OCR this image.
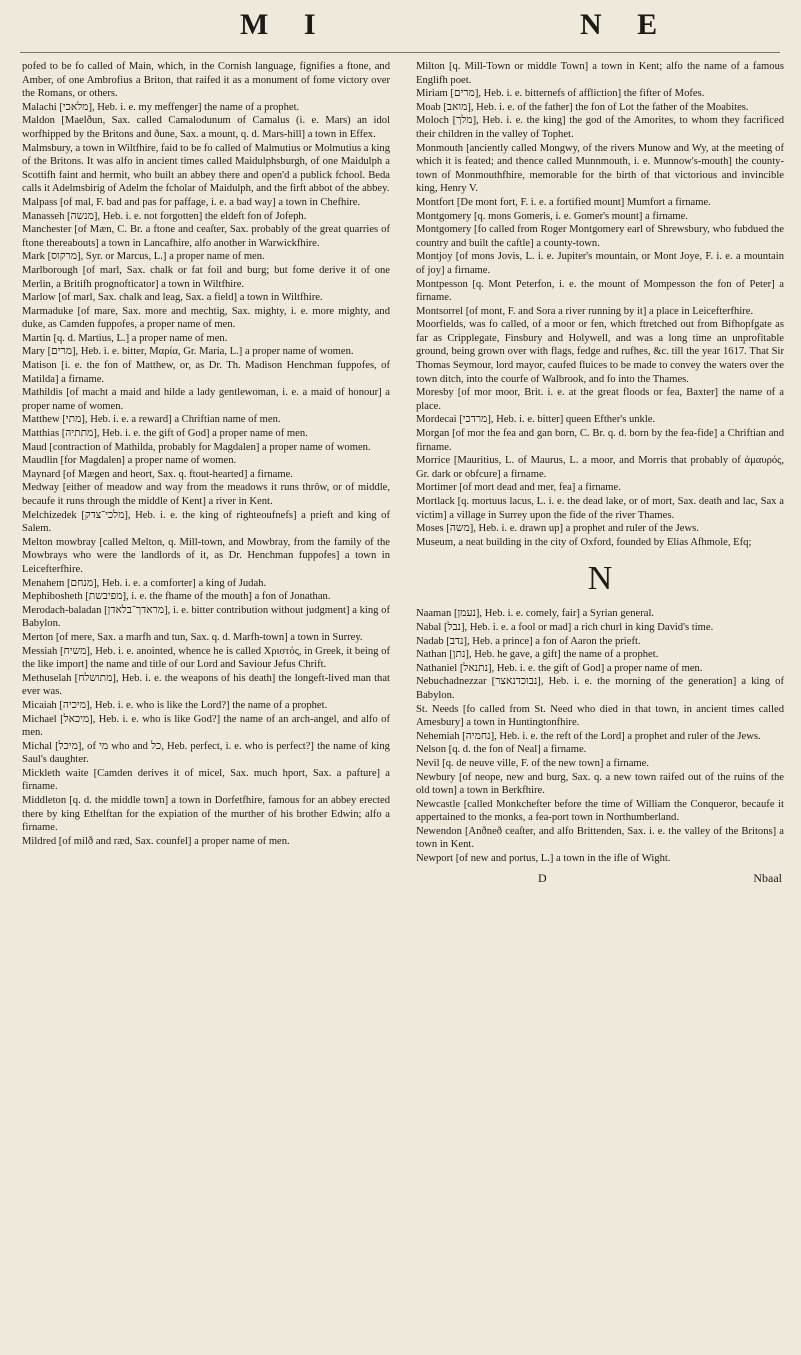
M I	N E

pofed to be fo called of Main, which, in the Cornish language, fignifies a ftone, and Amber, of one Ambrofius a Briton, that raifed it as a monument of fome victory over the Romans, or others.

Malachi [מלאכי], Heb. i. e. my meffenger] the name of a prophet.

Maldon [Maelðun, Sax. called Camalodunum of Camalus (i. e. Mars) an idol worfhipped by the Britons and ðune, Sax. a mount, q. d. Mars-hill] a town in Effex.

Malmsbury, a town in Wiltfhire, faid to be fo called of Malmutius or Molmutius a king of the Britons. It was alfo in ancient times called Maidulphsburgh, of one Maidulph a Scottifh faint and hermit, who built an abbey there and open'd a publick fchool. Beda calls it Adelmsbirig of Adelm the fcholar of Maidulph, and the firft abbot of the abbey.

Malpass [of mal, F. bad and pas for paffage, i. e. a bad way] a town in Chefhire.

Manasseh [מנשה], Heb. i. e. not forgotten] the eldeft fon of Jofeph.

Manchester [of Mæn, C. Br. a ftone and ceaſter, Sax. probably of the great quarries of ftone thereabouts] a town in Lancafhire, alfo another in Warwickfhire.

Mark [מרקוס], Syr. or Marcus, L.] a proper name of men.

Marlborough [of marl, Sax. chalk or fat foil and burg; but fome derive it of one Merlin, a Britifh prognofticator] a town in Wiltfhire.

Marlow [of marl, Sax. chalk and leag, Sax. a field] a town in Wiltfhire.

Marmaduke [of mare, Sax. more and mechtig, Sax. mighty, i. e. more mighty, and duke, as Camden fuppofes, a proper name of men.

Martin [q. d. Martius, L.] a proper name of men.

Mary [מרים], Heb. i. e. bitter, Μαρία, Gr. Maria, L.] a proper name of women.

Matison [i. e. the fon of Matthew, or, as Dr. Th. Madison Henchman fuppofes, of Matilda] a firname.

Mathildis [of macht a maid and hilde a lady gentlewoman, i. e. a maid of honour] a proper name of women.

Matthew [מתי], Heb. i. e. a reward] a Chriftian name of men.

Matthias [מתתיה], Heb. i. e. the gift of God] a proper name of men.

Maud [contraction of Mathilda, probably for Magdalen] a proper name of women.

Maudlin [for Magdalen] a proper name of women.

Maynard [of Mægen and heort, Sax. q. ftout-hearted] a firname.

Medway [either of meadow and way from the meadows it runs thrôw, or of middle, becaufe it runs through the middle of Kent] a river in Kent.

Melchizedek [מלכי־צדק], Heb. i. e. the king of righteoufnefs] a prieft and king of Salem.

Melton mowbray [called Melton, q. Mill-town, and Mowbray, from the family of the Mowbrays who were the landlords of it, as Dr. Henchman fuppofes] a town in Leicefterfhire.

Menahem [מנחם], Heb. i. e. a comforter] a king of Judah.

Mephibosheth [מפיבשת], i. e. the fhame of the mouth] a fon of Jonathan.

Merodach-baladan [מראדך־בלאדן], i. e. bitter contribution without judgment] a king of Babylon.

Merton [of mere, Sax. a marfh and tun, Sax. q. d. Marfh-town] a town in Surrey.

Messiah [משיח], Heb. i. e. anointed, whence he is called Χριστός, in Greek, it being of the like import] the name and title of our Lord and Saviour Jefus Chrift.

Methuselah [מתושלח], Heb. i. e. the weapons of his death] the longeft-lived man that ever was.

Micaiah [מיכיה], Heb. i. e. who is like the Lord?] the name of a prophet.

Michael [מיכאל], Heb. i. e. who is like God?] the name of an arch-angel, and alfo of men.

Michal [מיכל], of מי who and כל, Heb. perfect, i. e. who is perfect?] the name of king Saul's daughter.

Mickleth waite [Camden derives it of micel, Sax. much hport, Sax. a pafture] a firname.

Middleton [q. d. the middle town] a town in Dorfetfhire, famous for an abbey erected there by king Ethelftan for the expiation of the murther of his brother Edwin; alfo a firname.

Mildred [of milð and ræd, Sax. counfel] a proper name of men.

Milton [q. Mill-Town or middle Town] a town in Kent; alfo the name of a famous Englifh poet.

Miriam [מרים], Heb. i. e. bitternefs of affliction] the fifter of Mofes.

Moab [מואב], Heb. i. e. of the father] the fon of Lot the father of the Moabites.

Moloch [מלך], Heb. i. e. the king] the god of the Amorites, to whom they facrificed their children in the valley of Tophet.

Monmouth [anciently called Mongwy, of the rivers Munow and Wy, at the meeting of which it is feated; and thence called Munnmouth, i. e. Munnow's-mouth] the county-town of Monmouthfhire, memorable for the birth of that victorious and invincible king, Henry V.

Montfort [De mont fort, F. i. e. a fortified mount] Mumfort a firname.

Montgomery [q. mons Gomeris, i. e. Gomer's mount] a firname.

Montgomery [fo called from Roger Montgomery earl of Shrewsbury, who fubdued the country and built the caftle] a county-town.

Montjoy [of mons Jovis, L. i. e. Jupiter's mountain, or Mont Joye, F. i. e. a mountain of joy] a firname.

Montpesson [q. Mont Peterfon, i. e. the mount of Mompesson the fon of Peter] a firname.

Montsorrel [of mont, F. and Sora a river running by it] a place in Leicefterfhire.

Moorfields, was fo called, of a moor or fen, which ftretched out from Bifhopfgate as far as Cripplegate, Finsbury and Holywell, and was a long time an unprofitable ground, being grown over with flags, fedge and rufhes, &c. till the year 1617. That Sir Thomas Seymour, lord mayor, caufed fluices to be made to convey the waters over the town ditch, into the courfe of Walbrook, and fo into the Thames.

Moresby [of mor moor, Brit. i. e. at the great floods or fea, Baxter] the name of a place.

Mordecai [מרדכי], Heb. i. e. bitter] queen Efther's unkle.

Morgan [of mor the fea and gan born, C. Br. q. d. born by the fea-fide] a Chriftian and firname.

Morrice [Mauritius, L. of Maurus, L. a moor, and Morris that probably of ἀμαυρός, Gr. dark or obfcure] a firname.

Mortimer [of mort dead and mer, fea] a firname.

Mortlack [q. mortuus lacus, L. i. e. the dead lake, or of mort, Sax. death and lac, Sax a victim] a village in Surrey upon the fide of the river Thames.

Moses [משה], Heb. i. e. drawn up] a prophet and ruler of the Jews.

Museum, a neat building in the city of Oxford, founded by Elias Afhmole, Efq;

N

Naaman [נעמן], Heb. i. e. comely, fair] a Syrian general.

Nabal [נבל], Heb. i. e. a fool or mad] a rich churl in king David's time.

Nadab [נדב], Heb. a prince] a fon of Aaron the prieft.

Nathan [נתן], Heb. he gave, a gift] the name of a prophet.

Nathaniel [נתנאל], Heb. i. e. the gift of God] a proper name of men.

Nebuchadnezzar [נבוכדנאצר], Heb. i. e. the morning of the generation] a king of Babylon.

St. Needs [fo called from St. Need who died in that town, in ancient times called Amesbury] a town in Huntingtonfhire.

Nehemiah [נחמיה], Heb. i. e. the reft of the Lord] a prophet and ruler of the Jews.

Nelson [q. d. the fon of Neal] a firname.

Nevil [q. de neuve ville, F. of the new town] a firname.

Newbury [of neope, new and burg, Sax. q. a new town raifed out of the ruins of the old town] a town in Berkfhire.

Newcastle [called Monkchefter before the time of William the Conqueror, becaufe it appertained to the monks, a fea-port town in Northumberland.

Newendon [Anðneð ceaſter, and alfo Brittenden, Sax. i. e. the valley of the Britons] a town in Kent.

Newport [of new and portus, L.] a town in the ifle of Wight.

D	Nbaal
